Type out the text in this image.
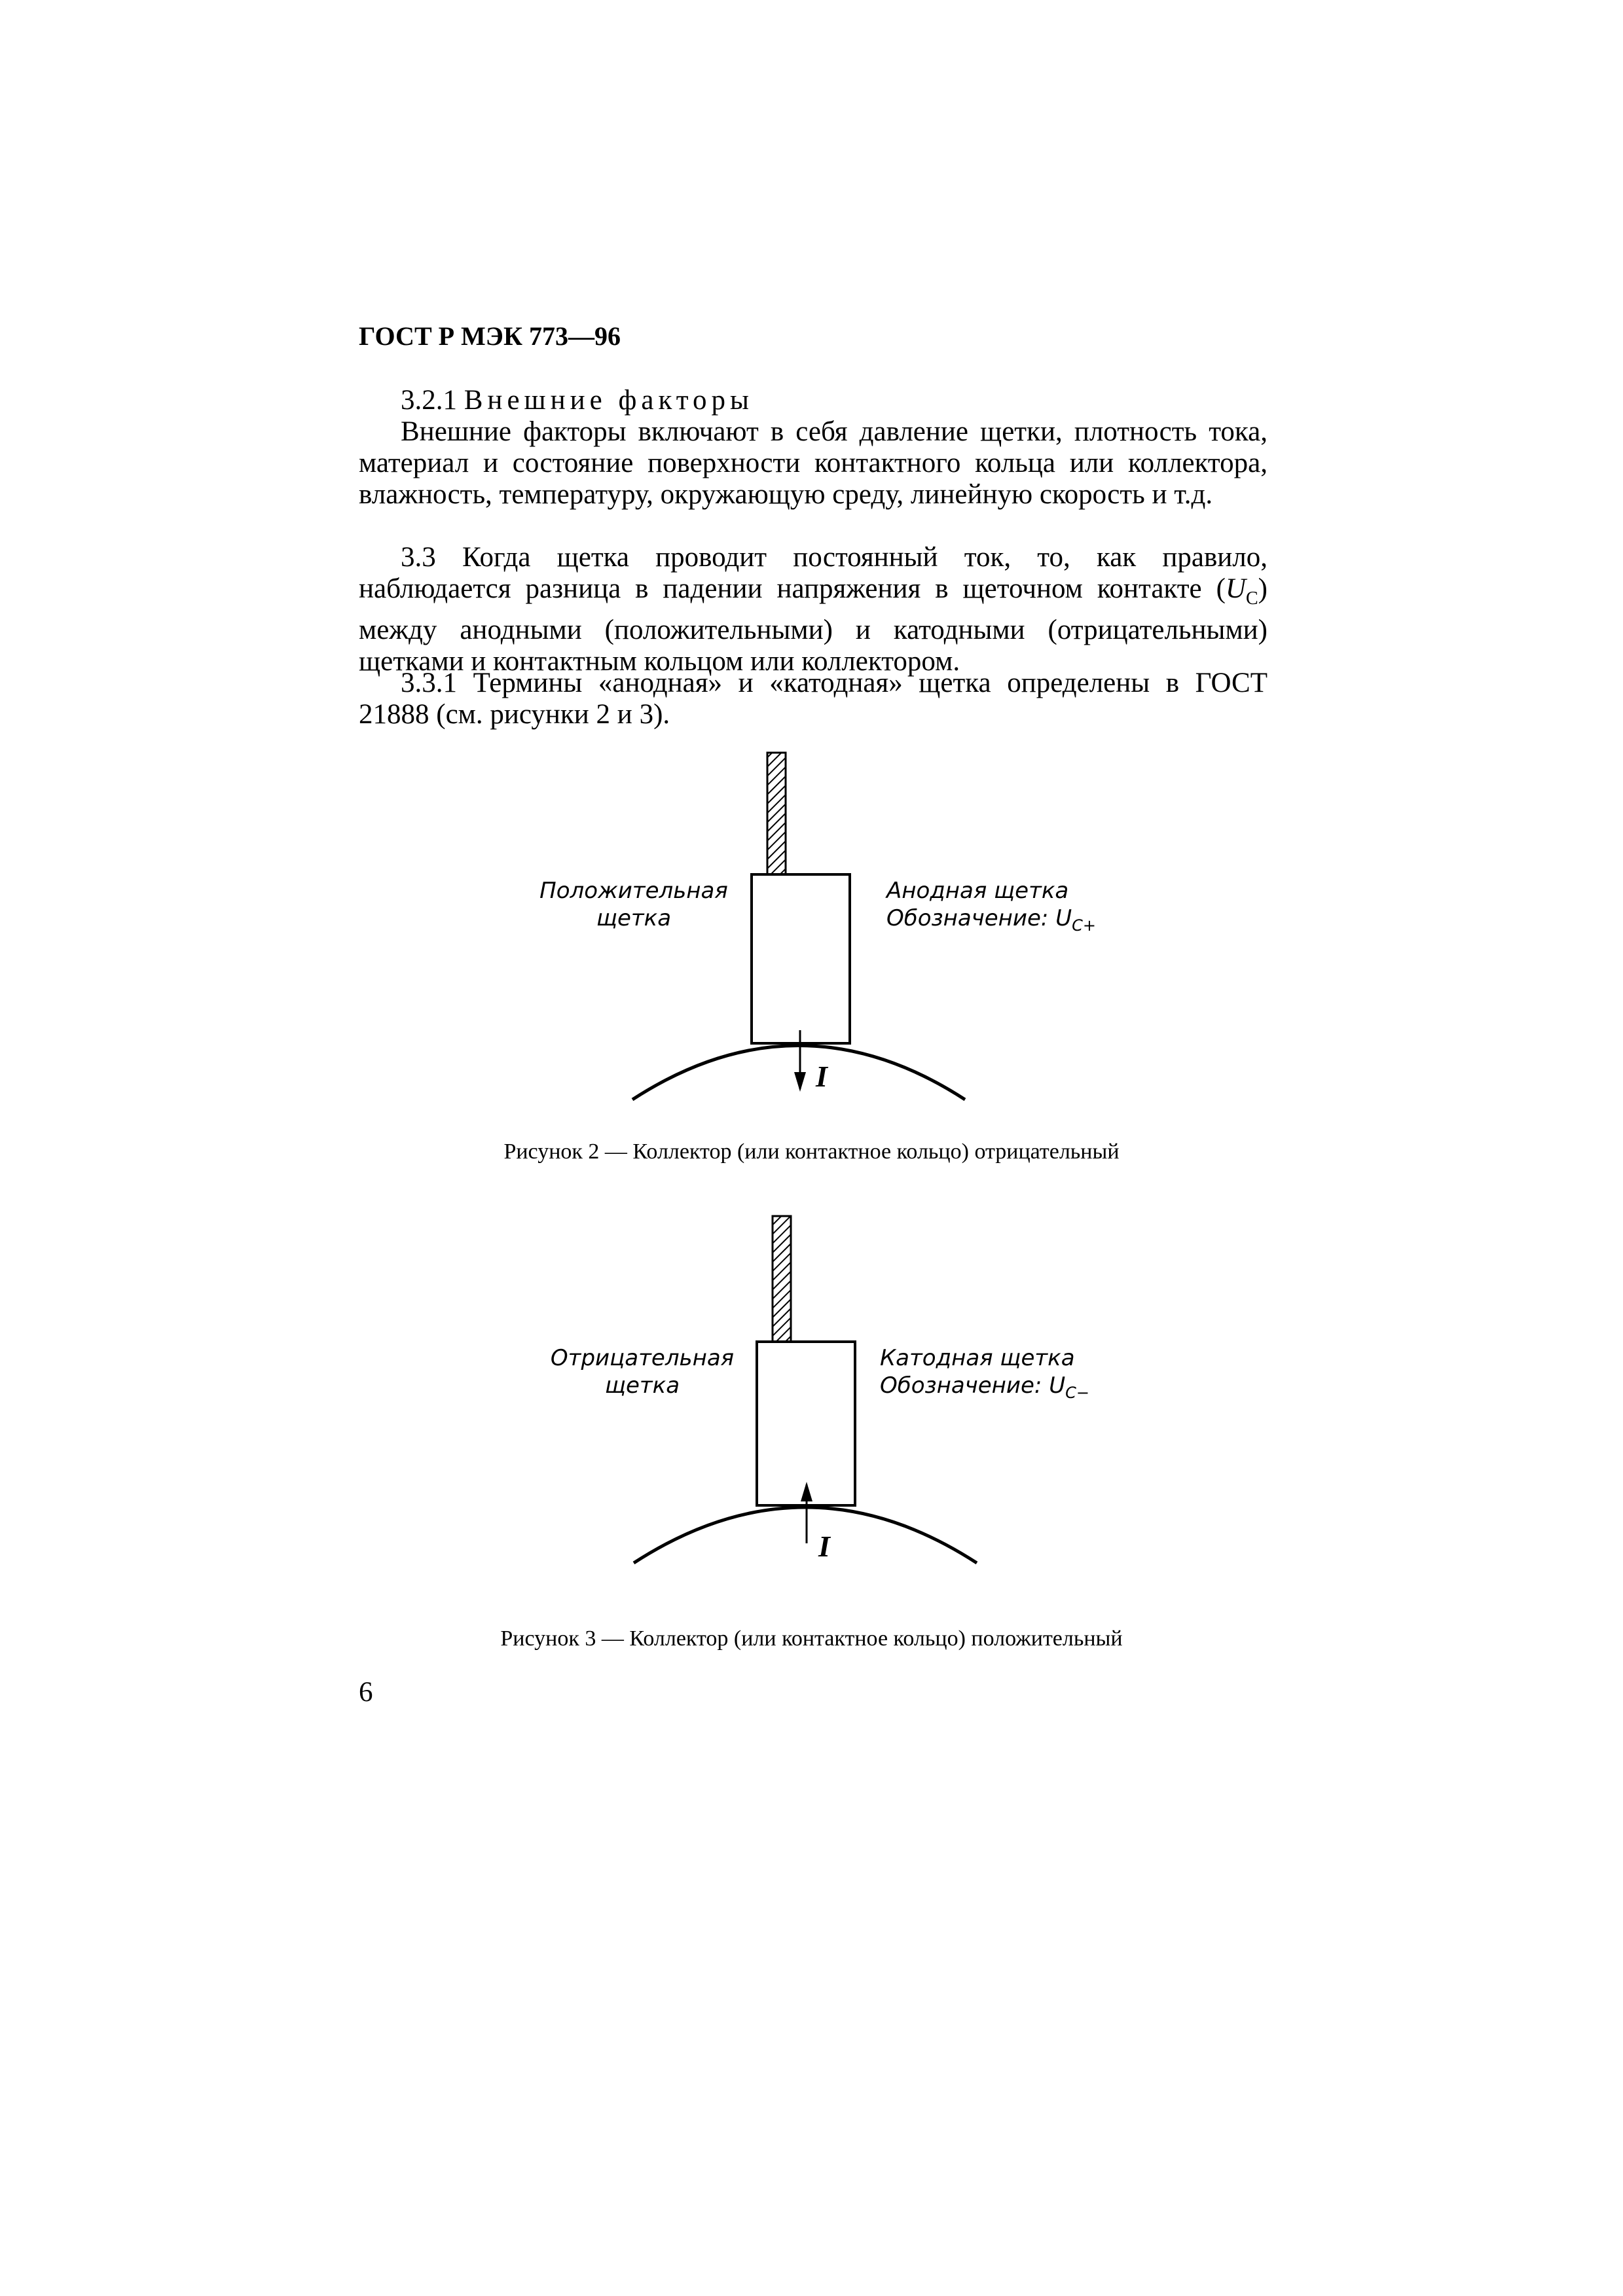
ГОСТ Р МЭК 773—96

3.2.1 Внешние факторы

Внешние факторы включают в себя давление щетки, плотность тока, материал и состояние поверхности контактного кольца или коллектора, влажность, температуру, окружающую среду, линейную скорость и т.д.

3.3 Когда щетка проводит постоянный ток, то, как правило, наблюдается разница в падении напряжения в щеточном контакте $(U_C)$ между анодными (положительными) и катодными (отрицательными) щетками и контактным кольцом или коллектором.

3.3.1 Термины «анодная» и «катодная» щетка определены в ГОСТ 21888 (см. рисунки 2 и 3).

Положительная
щетка
Анодная щетка
Обозначение: $U_{C+}$
I
Рисунок 2 — Коллектор (или контактное кольцо) отрицательный
Отрицательная
щетка
Катодная щетка
Обозначение: $U_{C-}$
I
Рисунок 3 — Коллектор (или контактное кольцо) положительный
6
